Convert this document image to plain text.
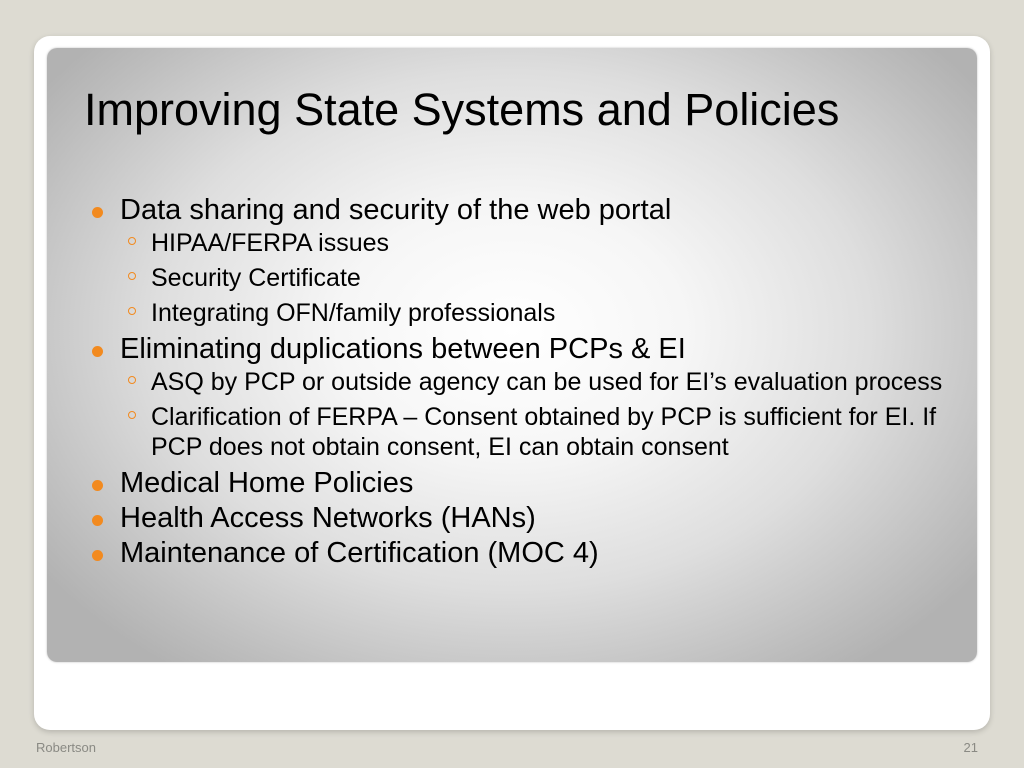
Improving State Systems and Policies
Data sharing and security of the web portal
HIPAA/FERPA issues
Security Certificate
Integrating OFN/family professionals
Eliminating duplications between PCPs & EI
ASQ by PCP or outside agency can be used for EI’s evaluation process
Clarification of FERPA – Consent obtained by PCP is sufficient for EI. If PCP does not obtain consent, EI can obtain consent
Medical Home Policies
Health Access Networks (HANs)
Maintenance of Certification (MOC 4)
Robertson	21
